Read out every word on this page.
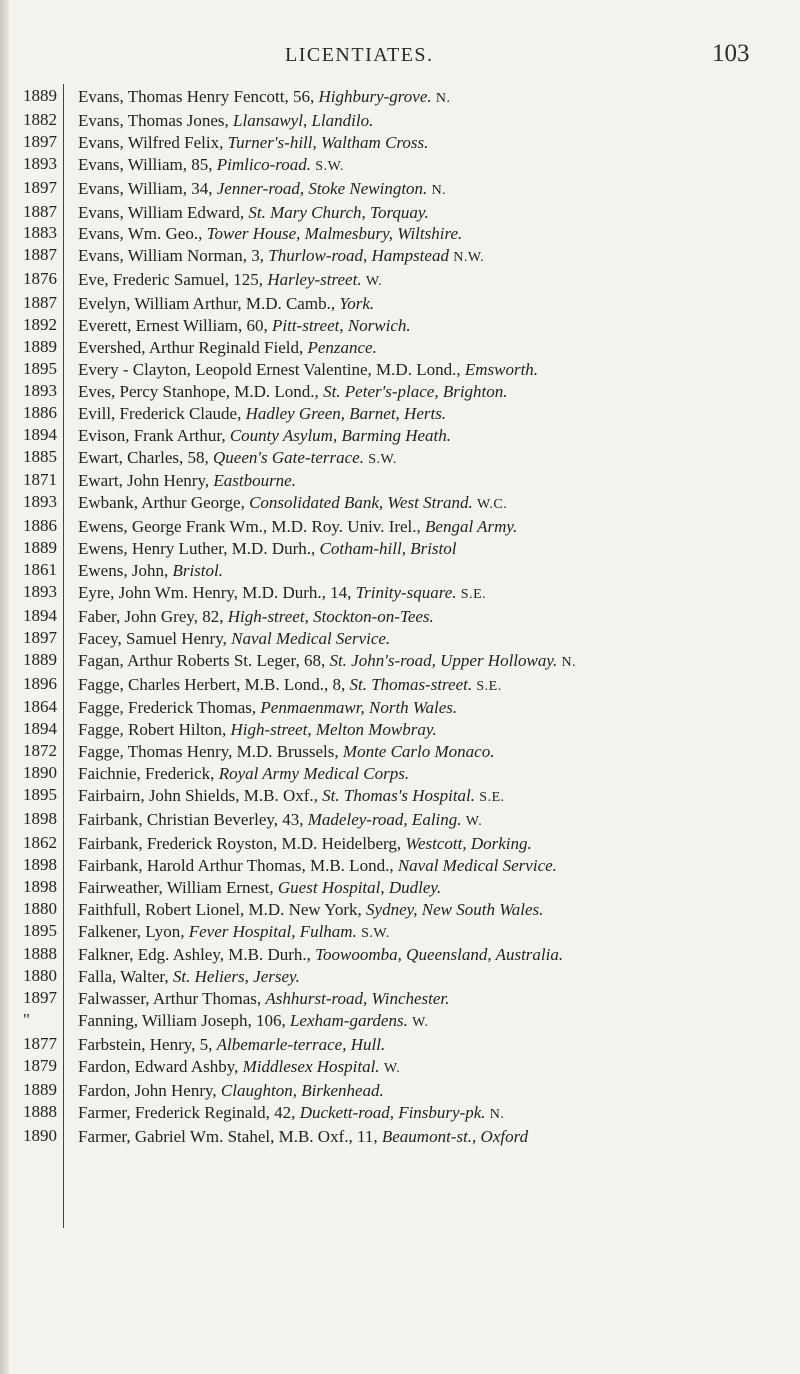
LICENTIATES.	103
1889 Evans, Thomas Henry Fencott, 56, Highbury-grove. N.
1882 Evans, Thomas Jones, Llansawyl, Llandilo.
1897 Evans, Wilfred Felix, Turner's-hill, Waltham Cross.
1893 Evans, William, 85, Pimlico-road. S.W.
1897 Evans, William, 34, Jenner-road, Stoke Newington. N.
1887 Evans, William Edward, St. Mary Church, Torquay.
1883 Evans, Wm. Geo., Tower House, Malmesbury, Wiltshire.
1887 Evans, William Norman, 3, Thurlow-road, Hampstead N.W.
1876 Eve, Frederic Samuel, 125, Harley-street. W.
1887 Evelyn, William Arthur, M.D. Camb., York.
1892 Everett, Ernest William, 60, Pitt-street, Norwich.
1889 Evershed, Arthur Reginald Field, Penzance.
1895 Every - Clayton, Leopold Ernest Valentine, M.D. Lond., Emsworth.
1893 Eves, Percy Stanhope, M.D. Lond., St. Peter's-place, Brighton.
1886 Evill, Frederick Claude, Hadley Green, Barnet, Herts.
1894 Evison, Frank Arthur, County Asylum, Barming Heath.
1885 Ewart, Charles, 58, Queen's Gate-terrace. S.W.
1871 Ewart, John Henry, Eastbourne.
1893 Ewbank, Arthur George, Consolidated Bank, West Strand. W.C.
1886 Ewens, George Frank Wm., M.D. Roy. Univ. Irel., Bengal Army.
1889 Ewens, Henry Luther, M.D. Durh., Cotham-hill, Bristol
1861 Ewens, John, Bristol.
1893 Eyre, John Wm. Henry, M.D. Durh., 14, Trinity-square. S.E.
1894 Faber, John Grey, 82, High-street, Stockton-on-Tees.
1897 Facey, Samuel Henry, Naval Medical Service.
1889 Fagan, Arthur Roberts St. Leger, 68, St. John's-road, Upper Holloway. N.
1896 Fagge, Charles Herbert, M.B. Lond., 8, St. Thomas-street. S.E.
1864 Fagge, Frederick Thomas, Penmaenmawr, North Wales.
1894 Fagge, Robert Hilton, High-street, Melton Mowbray.
1872 Fagge, Thomas Henry, M.D. Brussels, Monte Carlo Monaco.
1890 Faichnie, Frederick, Royal Army Medical Corps.
1895 Fairbairn, John Shields, M.B. Oxf., St. Thomas's Hospital. S.E.
1898 Fairbank, Christian Beverley, 43, Madeley-road, Ealing. W.
1862 Fairbank, Frederick Royston, M.D. Heidelberg, Westcott, Dorking.
1898 Fairbank, Harold Arthur Thomas, M.B. Lond., Naval Medical Service.
1898 Fairweather, William Ernest, Guest Hospital, Dudley.
1880 Faithfull, Robert Lionel, M.D. New York, Sydney, New South Wales.
1895 Falkener, Lyon, Fever Hospital, Fulham. S.W.
1888 Falkner, Edg. Ashley, M.B. Durh., Toowoomba, Queensland, Australia.
1880 Falla, Walter, St. Heliers, Jersey.
1897 Falwasser, Arthur Thomas, Ashhurst-road, Winchester.
"	Fanning, William Joseph, 106, Lexham-gardens. W.
1877 Farbstein, Henry, 5, Albemarle-terrace, Hull.
1879 Fardon, Edward Ashby, Middlesex Hospital. W.
1889 Fardon, John Henry, Claughton, Birkenhead.
1888 Farmer, Frederick Reginald, 42, Duckett-road, Finsbury-pk. N.
1890 Farmer, Gabriel Wm. Stahel, M.B. Oxf., 11, Beaumont-st., Oxford
